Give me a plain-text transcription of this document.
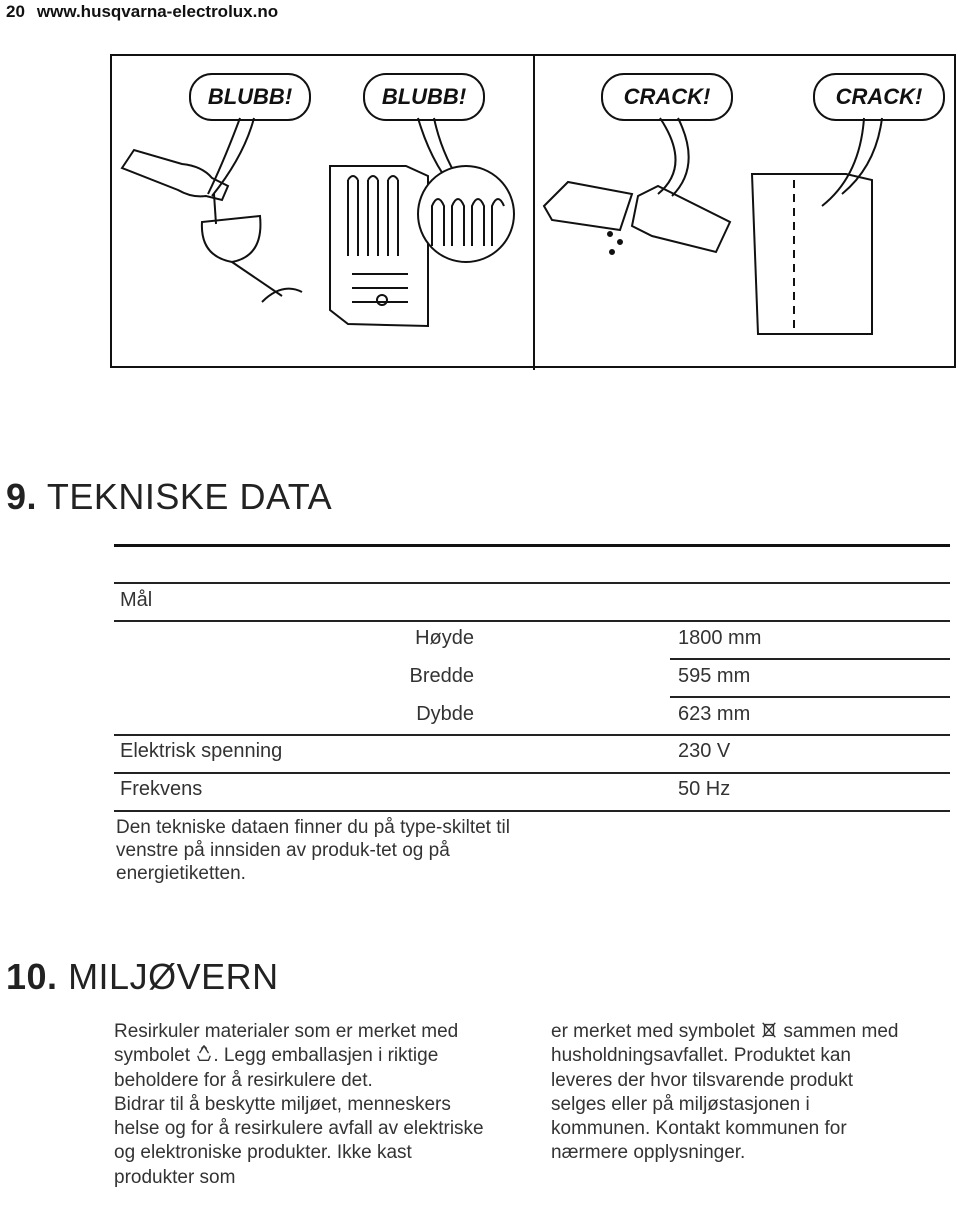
20 www.husqvarna-electrolux.no
BLUBB!	BLUBB!	CRACK!	CRACK!
9. TEKNISKE DATA
Mål
Høyde	1800 mm
Bredde	595 mm
Dybde	623 mm
Elektrisk spenning	230 V
Frekvens	50 Hz
Den tekniske dataen finner du på type-skiltet til venstre på innsiden av produk-tet og på energietiketten.
10. MILJØVERN
Resirkuler materialer som er merket med symbolet . Legg emballasjen i riktige beholdere for å resirkulere det.
Bidrar til å beskytte miljøet, menneskers helse og for å resirkulere avfall av elektriske og elektroniske produkter. Ikke kast produkter som
er merket med symbolet sammen med husholdningsavfallet. Produktet kan leveres der hvor tilsvarende produkt selges eller på miljøstasjonen i kommunen. Kontakt kommunen for nærmere opplysninger.
